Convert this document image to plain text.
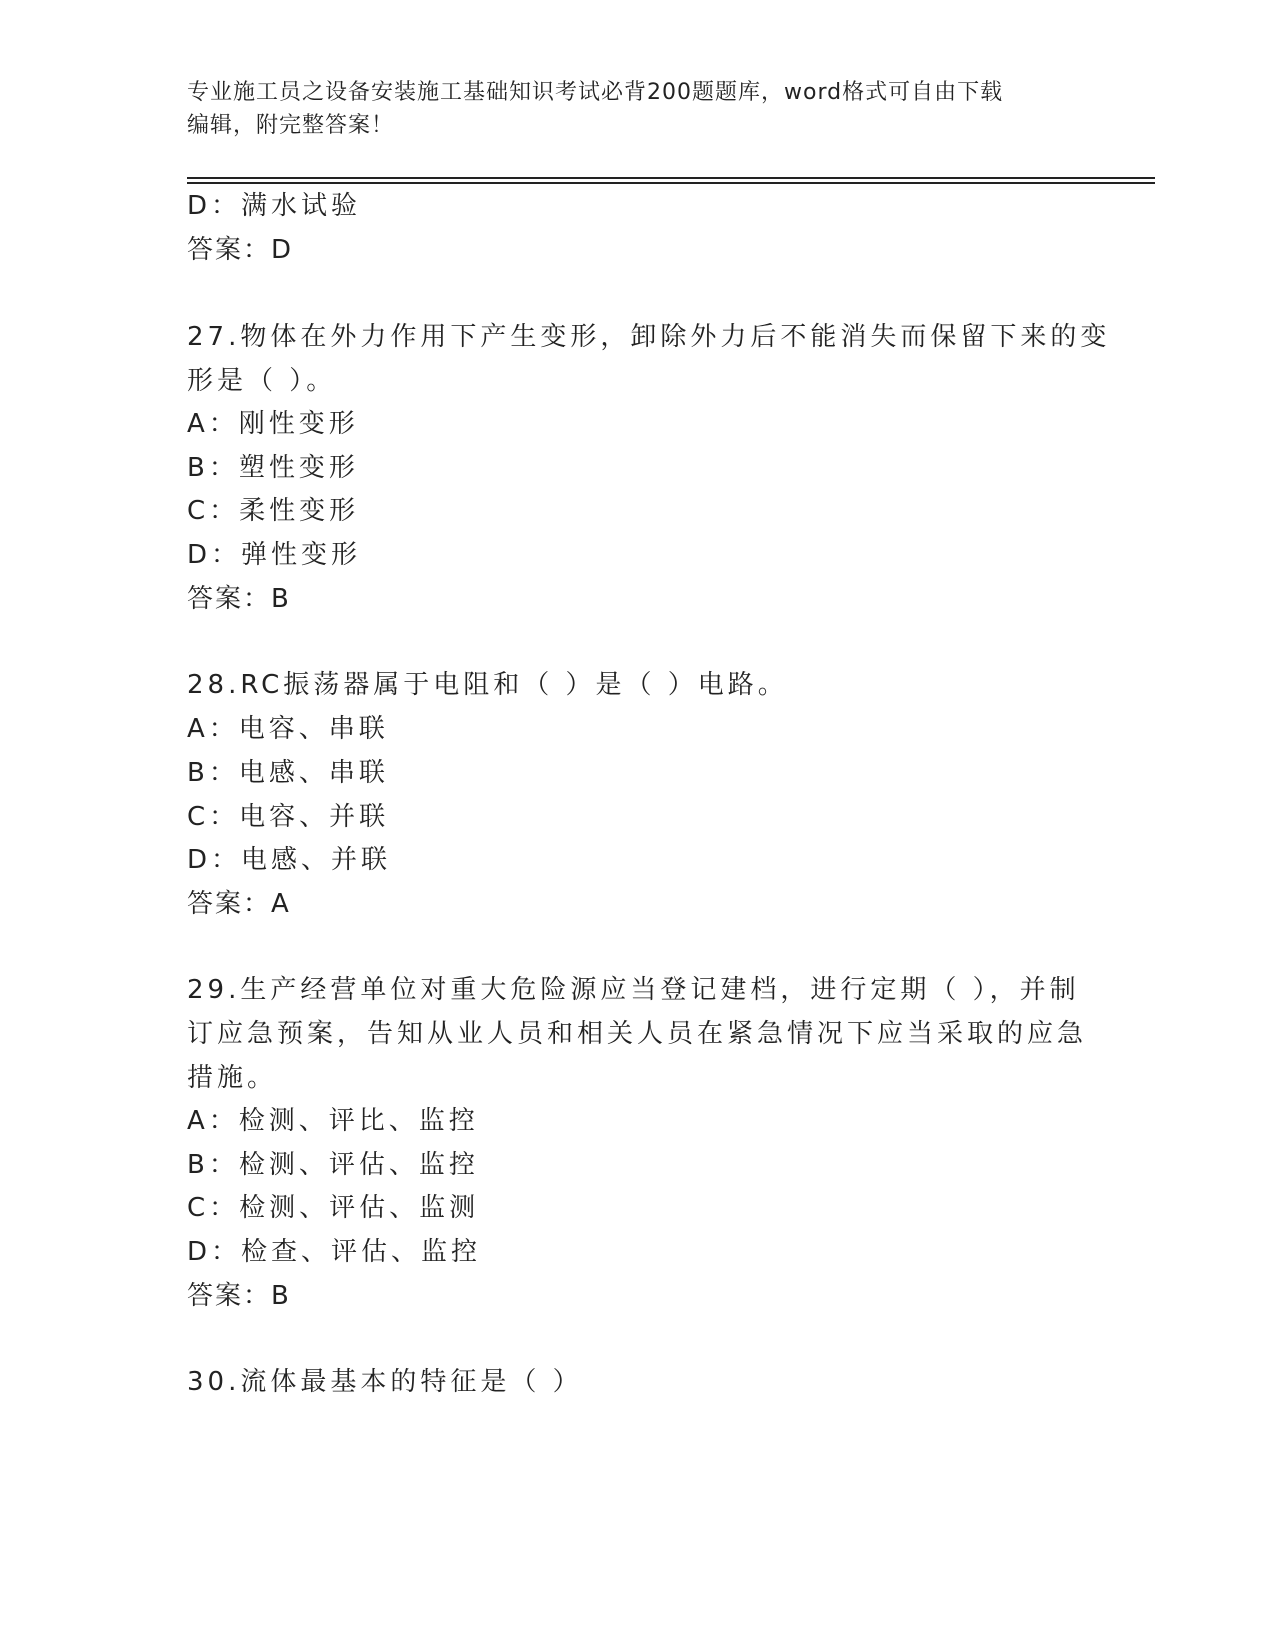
专业施工员之设备安装施工基础知识考试必背200题题库，word格式可自由下载
编辑，附完整答案！
D：满水试验
答案：D
27.物体在外力作用下产生变形，卸除外力后不能消失而保留下来的变
形是（ ）。
A：刚性变形
B：塑性变形
C：柔性变形
D：弹性变形
答案：B
28.RC振荡器属于电阻和（ ）是（ ）电路。
A：电容、串联
B：电感、串联
C：电容、并联
D：电感、并联
答案：A
29.生产经营单位对重大危险源应当登记建档，进行定期（ ），并制
订应急预案，告知从业人员和相关人员在紧急情况下应当采取的应急
措施。
A：检测、评比、监控
B：检测、评估、监控
C：检测、评估、监测
D：检查、评估、监控
答案：B
30.流体最基本的特征是（ ）
